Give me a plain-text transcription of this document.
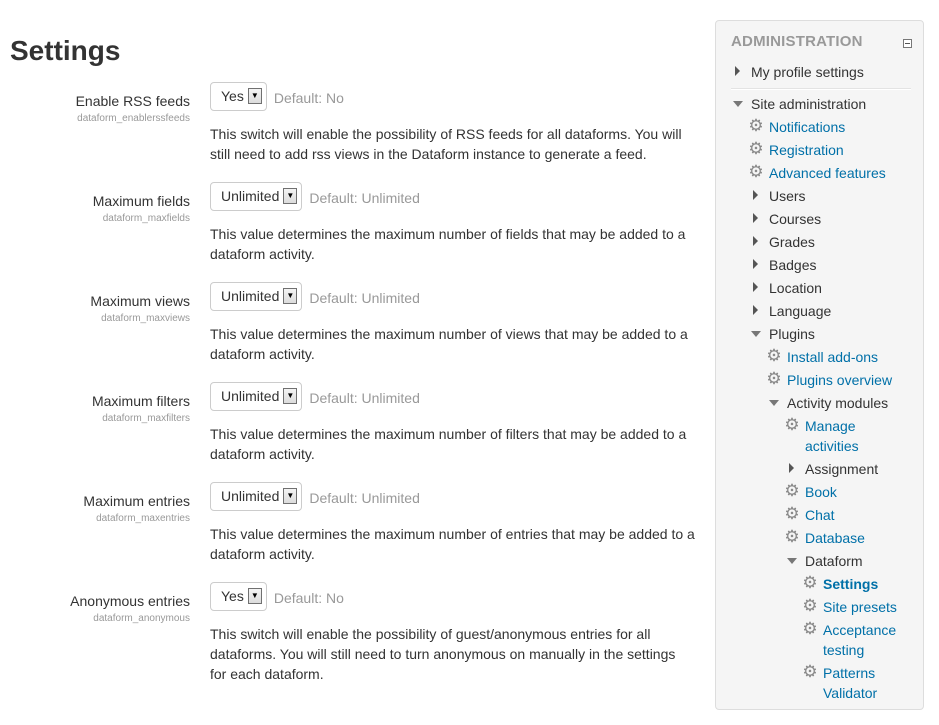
Settings
Enable RSS feeds
dataform_enablerssfeeds
Yes ▼ Default: No
This switch will enable the possibility of RSS feeds for all dataforms. You will still need to add rss views in the Dataform instance to generate a feed.
Maximum fields
dataform_maxfields
Unlimited ▼ Default: Unlimited
This value determines the maximum number of fields that may be added to a dataform activity.
Maximum views
dataform_maxviews
Unlimited ▼ Default: Unlimited
This value determines the maximum number of views that may be added to a dataform activity.
Maximum filters
dataform_maxfilters
Unlimited ▼ Default: Unlimited
This value determines the maximum number of filters that may be added to a dataform activity.
Maximum entries
dataform_maxentries
Unlimited ▼ Default: Unlimited
This value determines the maximum number of entries that may be added to a dataform activity.
Anonymous entries
dataform_anonymous
Yes ▼ Default: No
This switch will enable the possibility of guest/anonymous entries for all dataforms. You will still need to turn anonymous on manually in the settings for each dataform.
ADMINISTRATION
My profile settings
Site administration
⚙ Notifications
⚙ Registration
⚙ Advanced features
Users
Courses
Grades
Badges
Location
Language
Plugins
⚙ Install add-ons
⚙ Plugins overview
Activity modules
⚙ Manage
activities
Assignment
⚙ Book
⚙ Chat
⚙ Database
Dataform
⚙ Settings
⚙ Site presets
⚙ Acceptance
testing
⚙ Patterns
Validator
